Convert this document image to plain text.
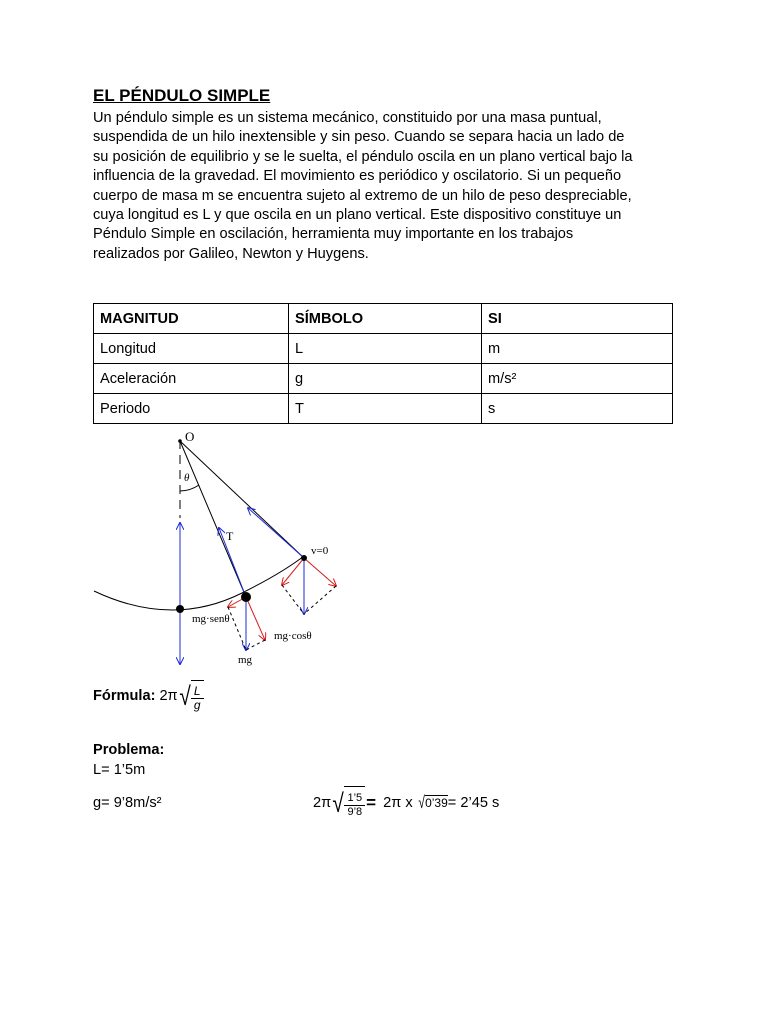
EL PÉNDULO SIMPLE

Un péndulo simple es un sistema mecánico, constituido por una masa puntual,
suspendida de un hilo inextensible y sin peso. Cuando se separa hacia un lado de
su posición de equilibrio y se le suelta, el péndulo oscila en un plano vertical bajo la
influencia de la gravedad. El movimiento es periódico y oscilatorio. Si un pequeño
cuerpo de masa m se encuentra sujeto al extremo de un hilo de peso despreciable,
cuya longitud es L y que oscila en un plano vertical. Este dispositivo constituye un
Péndulo Simple en oscilación, herramienta muy importante en los trabajos
realizados por Galileo, Newton y Huygens.

MAGNITUD	SÍMBOLO	SI
Longitud	L	m
Aceleración	g	m/s²
Periodo	T	s
O
θ
T
v=0
mg·senθ
mg·cosθ
mg
Fórmula: 2π √ $\frac{L}{g}$
Problema:
L= 1’5m
g= 9’8m/s²	2π √ $\frac{1’5}{9’8} = 2\pi$ x √ 0’39 = 2’45 s
